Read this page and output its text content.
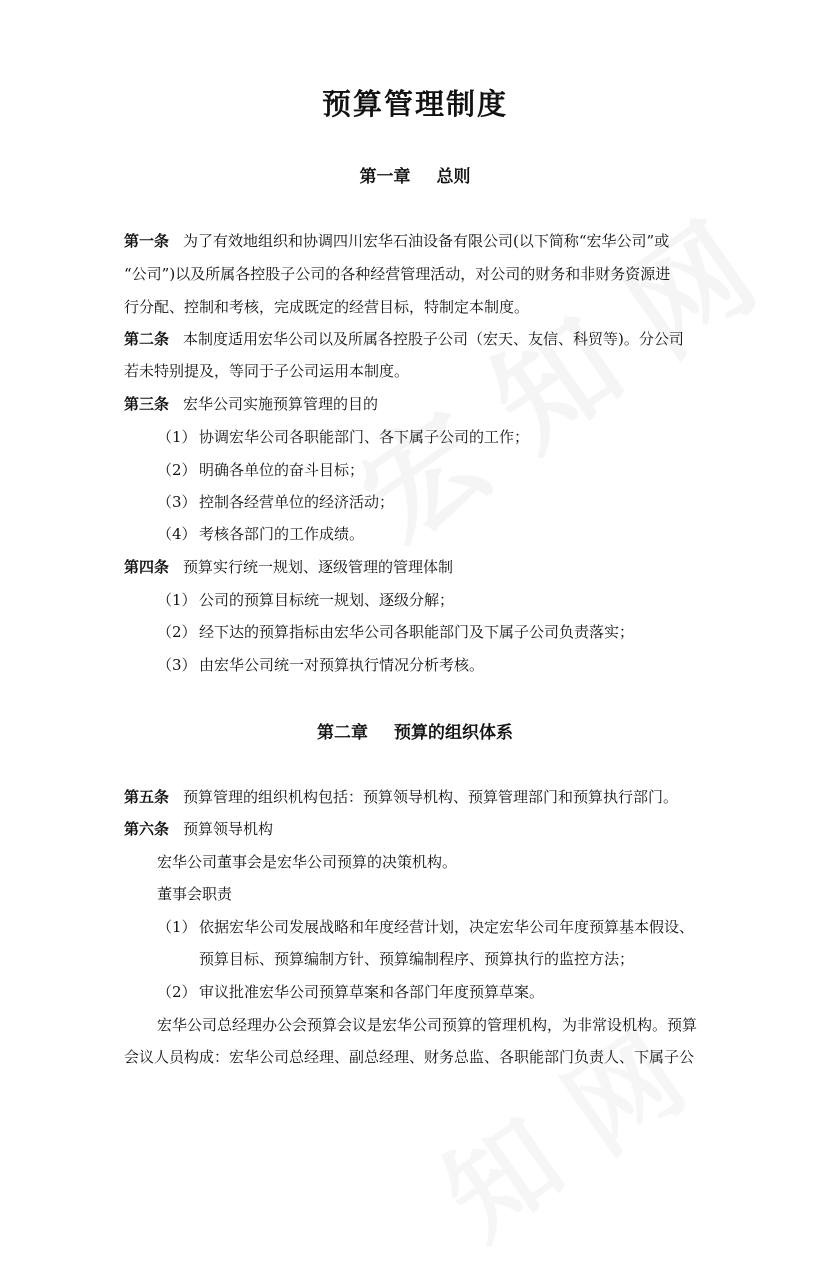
预算管理制度
第一章 总则
第一条 为了有效地组织和协调四川宏华石油设备有限公司(以下简称“宏华公司”或
“公司”)以及所属各控股子公司的各种经营管理活动，对公司的财务和非财务资源进
行分配、控制和考核，完成既定的经营目标，特制定本制度。
第二条 本制度适用宏华公司以及所属各控股子公司（宏天、友信、科贸等)。分公司
若未特别提及，等同于子公司运用本制度。
第三条 宏华公司实施预算管理的目的
（1） 协调宏华公司各职能部门、各下属子公司的工作；
（2） 明确各单位的奋斗目标；
（3） 控制各经营单位的经济活动；
（4） 考核各部门的工作成绩。
第四条 预算实行统一规划、逐级管理的管理体制
（1） 公司的预算目标统一规划、逐级分解；
（2） 经下达的预算指标由宏华公司各职能部门及下属子公司负责落实；
（3） 由宏华公司统一对预算执行情况分析考核。
第二章 预算的组织体系
第五条 预算管理的组织机构包括：预算领导机构、预算管理部门和预算执行部门。
第六条 预算领导机构
宏华公司董事会是宏华公司预算的决策机构。
董事会职责
（1） 依据宏华公司发展战略和年度经营计划，决定宏华公司年度预算基本假设、
预算目标、预算编制方针、预算编制程序、预算执行的监控方法；
（2） 审议批准宏华公司预算草案和各部门年度预算草案。
宏华公司总经理办公会预算会议是宏华公司预算的管理机构，为非常设机构。预算
会议人员构成：宏华公司总经理、副总经理、财务总监、各职能部门负责人、下属子公
